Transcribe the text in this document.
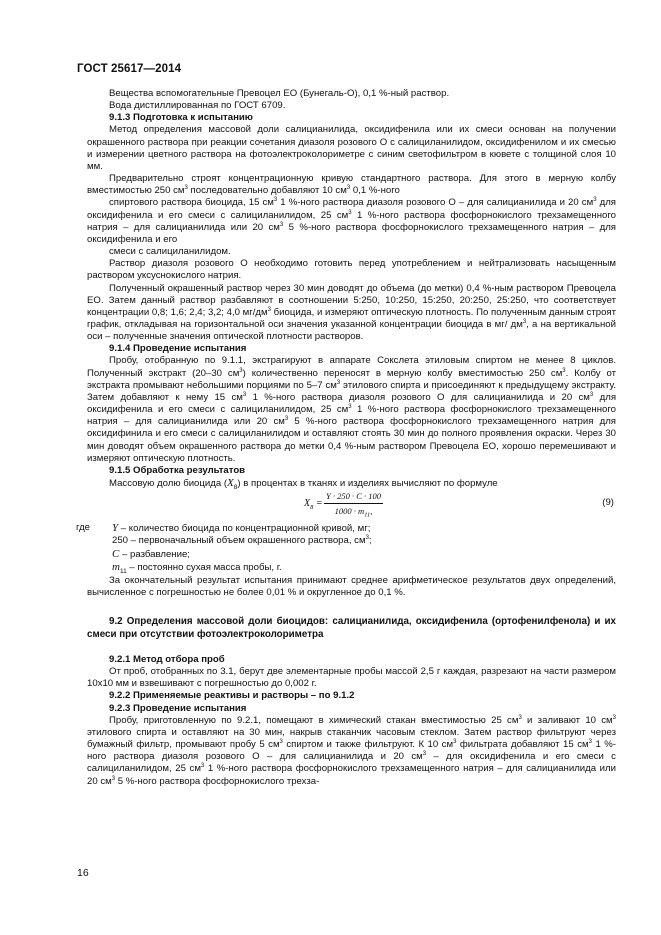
ГОСТ 25617—2014

Вещества вспомогательные Превоцел ЕО (Бунегаль-О), 0,1 %-ный раствор.

Вода дистиллированная по ГОСТ 6709.

9.1.3 Подготовка к испытанию

Метод определения массовой доли салицианилида, оксидифенила или их смеси основан на получении окрашенного раствора при реакции сочетания диазоля розового О с салициланилидом, оксидифенилом и их смесью и измерении цветного раствора на фотоэлектроколориметре с синим светофильтром в кювете с толщиной слоя 10 мм.

Предварительно строят концентрационную кривую стандартного раствора. Для этого в мерную колбу вместимостью 250 $см^3$ последовательно добавляют 10 $см^3$ 0,1 %-ного

спиртового раствора биоцида, 15 $см^3$ 1 %-ного раствора диазоля розового О – для салицианилида и 20 $см^3$ для оксидифенила и его смеси с салициланилидом, 25 $см^3$ 1 %-ного раствора фосфорнокислого трехзамещенного натрия – для салицианилида или 20 $см^3$ 5 %-ного раствора фосфорнокислого трехзамещенного натрия – для оксидифенила и его

смеси с салициланилидом.

Раствор диазоля розового О необходимо готовить перед употреблением и нейтрализовать насыщенным раствором уксуснокислого натрия.

Полученный окрашенный раствор через 30 мин доводят до объема (до метки) 0,4 %-ным раствором Превоцела ЕО. Затем данный раствор разбавляют в соотношении 5:250, 10:250, 15:250, 20:250, 25:250, что соответствует концентрации 0,8; 1,6; 2,4; 3,2; 4,0 $мг/дм^3$ биоцида, и измеряют оптическую плотность. По полученным данным строят график, откладывая на горизонтальной оси значения указанной концентрации биоцида в мг/ $дм^3$, а на вертикальной оси – полученные значения оптической плотности растворов.

9.1.4 Проведение испытания

Пробу, отобранную по 9.1.1, экстрагируют в аппарате Сокслета этиловым спиртом не менее 8 циклов. Полученный экстракт (20–30 $см^3$) количественно переносят в мерную колбу вместимостью 250 $см^3$. Колбу от экстракта промывают небольшими порциями по 5–7 $см^3$ этилового спирта и присоединяют к предыдущему экстракту. Затем добавляют к нему 15 $см^3$ 1 %-ного раствора диазоля розового О для салицианилида и 20 $см^3$ для оксидифенила и его смеси с салициланилидом, 25 $см^3$ 1 %-ного раствора фосфорнокислого трехзамещенного натрия – для салицианилида или 20 $см^3$ 5 %-ного раствора фосфорнокислого трехзамещенного натрия для оксидифинила и его смеси с салициланилидом и оставляют стоять 30 мин до полного проявления окраски. Через 30 мин доводят объем окрашенного раствора до метки 0,4 %-ным раствором Превоцела ЕО, хорошо перемешивают и измеряют оптическую плотность.

9.1.5 Обработка результатов

Массовую долю биоцида $(X_8)$ в процентах в тканях и изделиях вычисляют по формуле

$X_8 = \frac{Y \cdot 250 \cdot C \cdot 100}{1000 \cdot m_{11},}$	(9)
где Y – количество биоцида по концентрационной кривой, мг;
250 – первоначальный объем окрашенного раствора, $см^3$;
C – разбавление;
$m_{11}$ – постоянно сухая масса пробы, г.

За окончательный результат испытания принимают среднее арифметическое результатов двух определений, вычисленное с погрешностью не более 0,01 % и округленное до 0,1 %.

9.2 Определения массовой доли биоцидов: салицианилида, оксидифенила (ортофенилфенола) и их смеси при отсутствии фотоэлектроколориметра
9.2.1 Метод отбора проб

От проб, отобранных по 3.1, берут две элементарные пробы массой 2,5 г каждая, разрезают на части размером 10x10 мм и взвешивают с погрешностью до 0,002 г.

9.2.2 Применяемые реактивы и растворы – по 9.1.2
9.2.3 Проведение испытания

Пробу, приготовленную по 9.2.1, помещают в химический стакан вместимостью 25 $см^3$ и заливают 10 $см^3$ этилового спирта и оставляют на 30 мин, накрыв стаканчик часовым стеклом. Затем раствор фильтруют через бумажный фильтр, промывают пробу 5 $см^3$ спиртом и также фильтруют. К 10 $см^3$ фильтрата добавляют 15 $см^3$ 1 %-ного раствора диазоля розового О – для салицианилида и 20 $см^3$ – для оксидифенила и его смеси с салициланилидом, 25 $см^3$ 1 %-ного раствора фосфорнокислого трехзамещенного натрия – для салицианилида или 20 $см^3$ 5 %-ного раствора фосфорнокислого трехза-

16
